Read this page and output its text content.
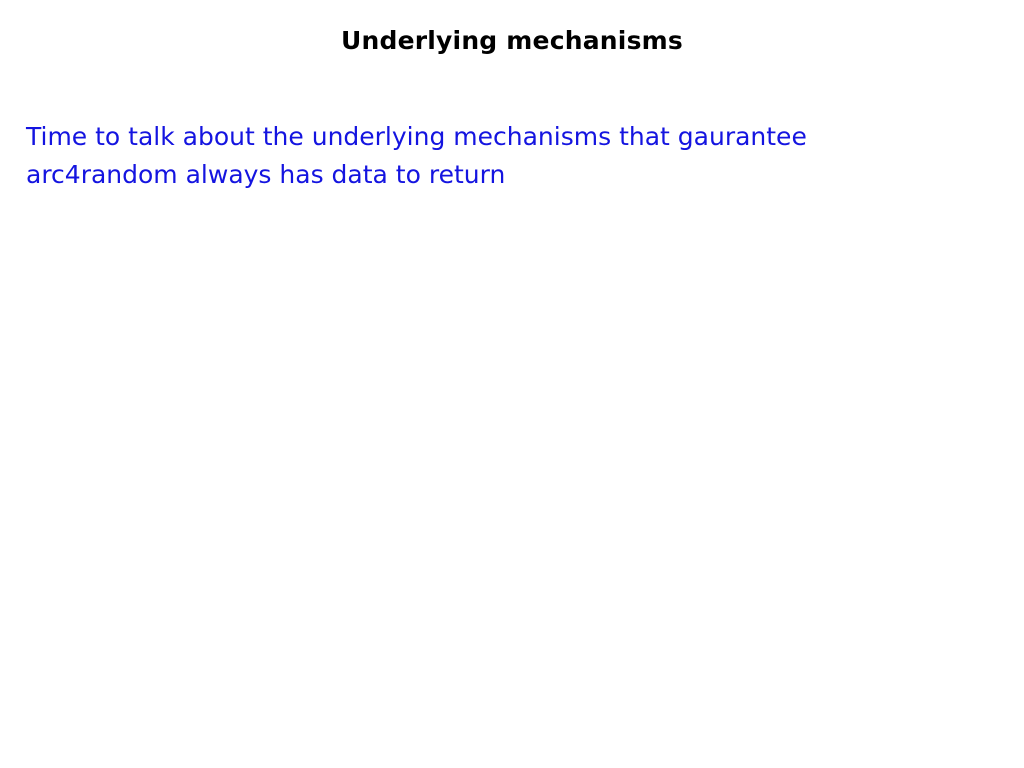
Underlying mechanisms
Time to talk about the underlying mechanisms that gaurantee
arc4random always has data to return
